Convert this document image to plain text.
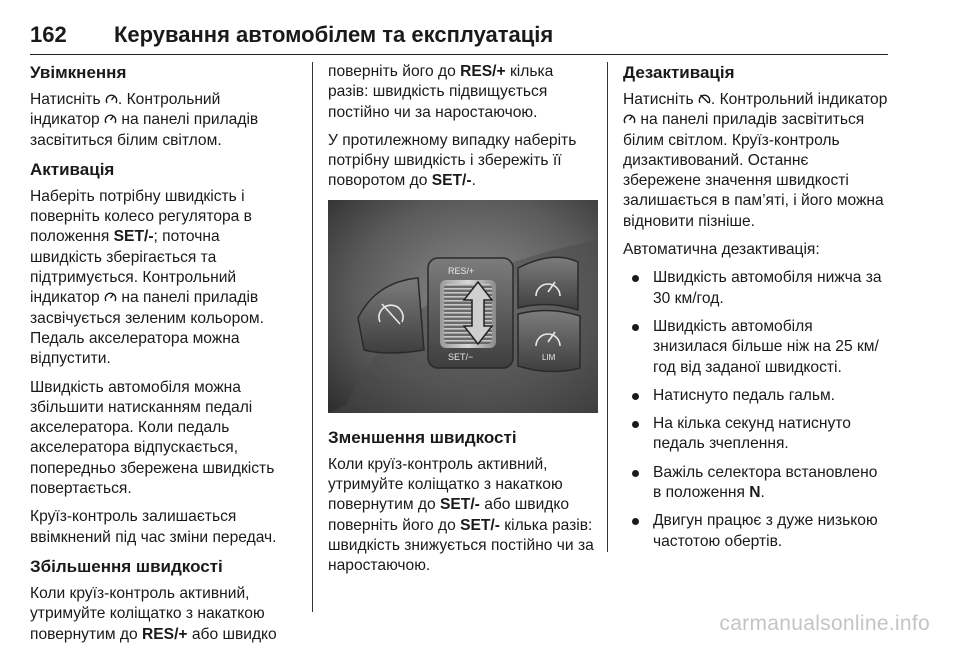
162 Керування автомобілем та експлуатація
Увімкнення

Натисніть . Контрольний індикатор  на панелі приладів засвітиться білим світлом.

Активація

Наберіть потрібну швидкість і поверніть колесо регулятора в положення SET/-; поточна швидкість зберігається та підтримується. Контрольний індикатор  на панелі приладів засвічується зеленим кольором. Педаль акселератора можна відпустити.

Швидкість автомобіля можна збільшити натисканням педалі акселератора. Коли педаль акселератора відпускається, попередньо збережена швидкість повертається.

Круїз-контроль залишається ввімкнений під час зміни передач.

Збільшення швидкості

Коли круїз-контроль активний, утримуйте коліщатко з накаткою повернутим до RES/+ або швидко

поверніть його до RES/+ кілька разів: швидкість підвищується постійно чи за наростаючою.

У протилежному випадку наберіть потрібну швидкість і збережіть її поворотом до SET/-.

RES/+
SET/−	LIM
Зменшення швидкості

Коли круїз-контроль активний, утримуйте коліщатко з накаткою повернутим до SET/- або швидко поверніть його до SET/- кілька разів: швидкість знижується постійно чи за наростаючою.

Дезактивація

Натисніть . Контрольний індикатор  на панелі приладів засвітиться білим світлом. Круїз-контроль дизактивований. Останнє збережене значення швидкості залишається в пам’яті, і його можна відновити пізніше.

Автоматична дезактивація:

Швидкість автомобіля нижча за 30 км/год.
Швидкість автомобіля знизилася більше ніж на 25 км/год від заданої швидкості.
Натиснуто педаль гальм.
На кілька секунд натиснуто педаль зчеплення.
Важіль селектора встановлено в положення N.
Двигун працює з дуже низькою частотою обертів.
carmanualsonline.info
